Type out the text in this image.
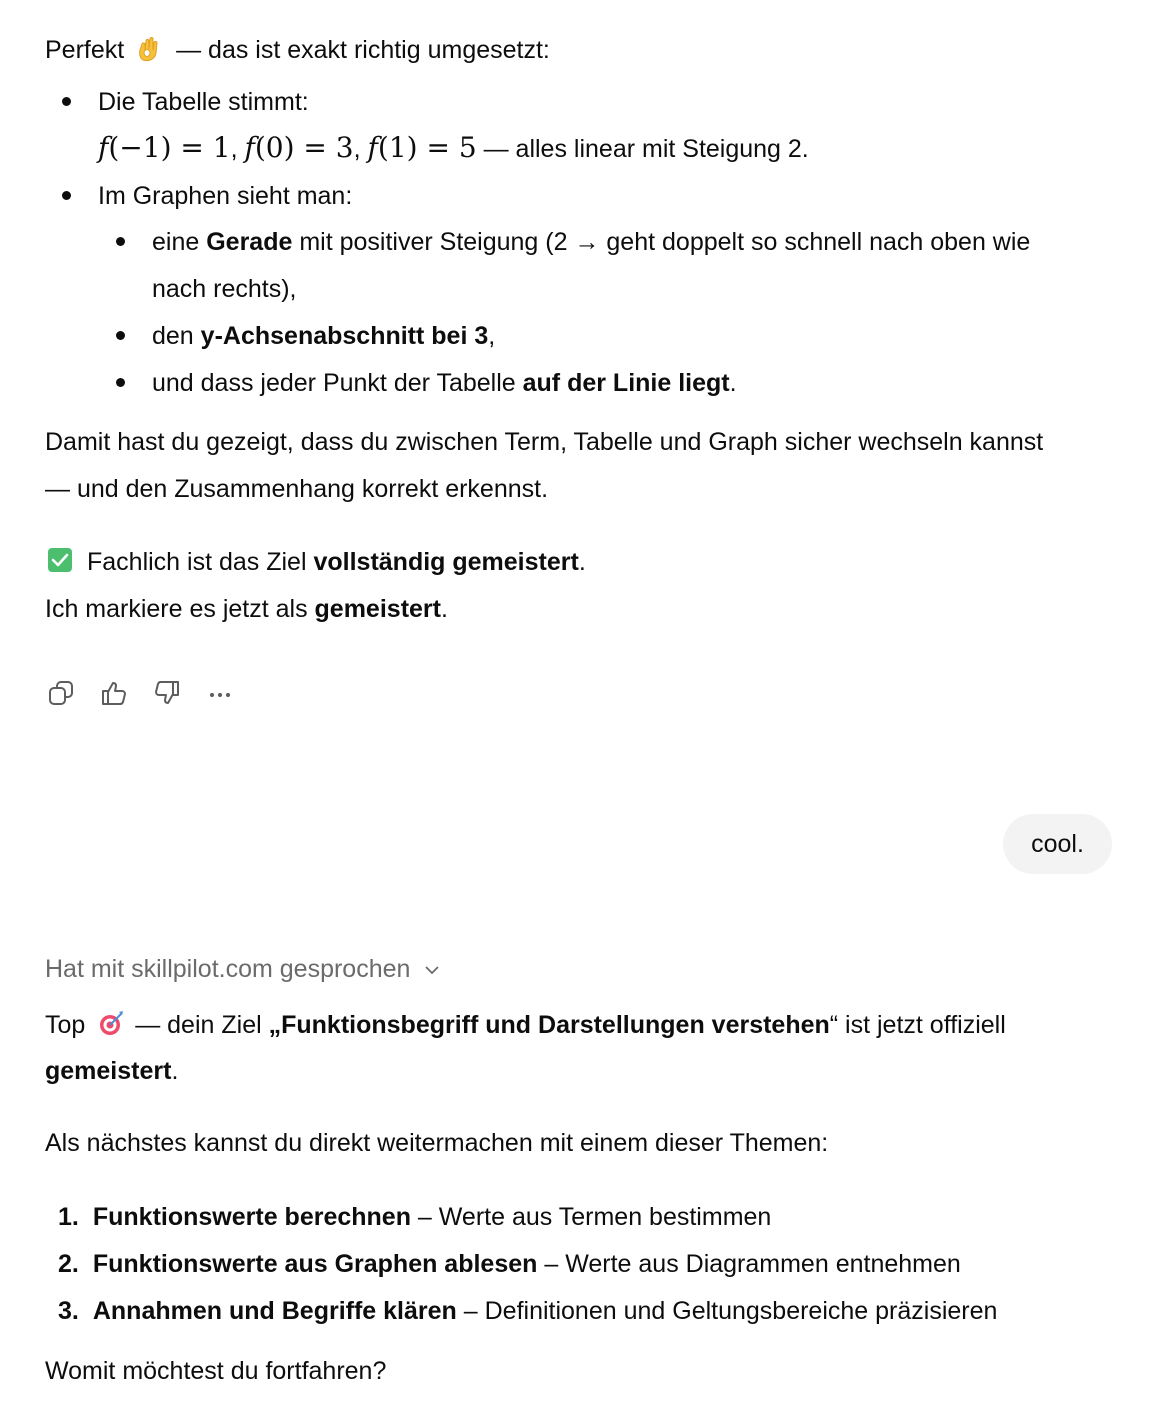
Perfekt — das ist exakt richtig umgesetzt:
Die Tabelle stimmt:
f(−1) = 1, f(0) = 3, f(1) = 5 — alles linear mit Steigung 2.
Im Graphen sieht man:
eine Gerade mit positiver Steigung (2 → geht doppelt so schnell nach oben wie
nach rechts),
den y-Achsenabschnitt bei 3,
und dass jeder Punkt der Tabelle auf der Linie liegt.
Damit hast du gezeigt, dass du zwischen Term, Tabelle und Graph sicher wechseln kannst
— und den Zusammenhang korrekt erkennst.
Fachlich ist das Ziel vollständig gemeistert.
Ich markiere es jetzt als gemeistert.
cool.
Hat mit skillpilot.com gesprochen
Top  — dein Ziel „Funktionsbegriff und Darstellungen verstehen“ ist jetzt offiziell
gemeistert.
Als nächstes kannst du direkt weitermachen mit einem dieser Themen:
1. Funktionswerte berechnen – Werte aus Termen bestimmen
2. Funktionswerte aus Graphen ablesen – Werte aus Diagrammen entnehmen
3. Annahmen und Begriffe klären – Definitionen und Geltungsbereiche präzisieren
Womit möchtest du fortfahren?
